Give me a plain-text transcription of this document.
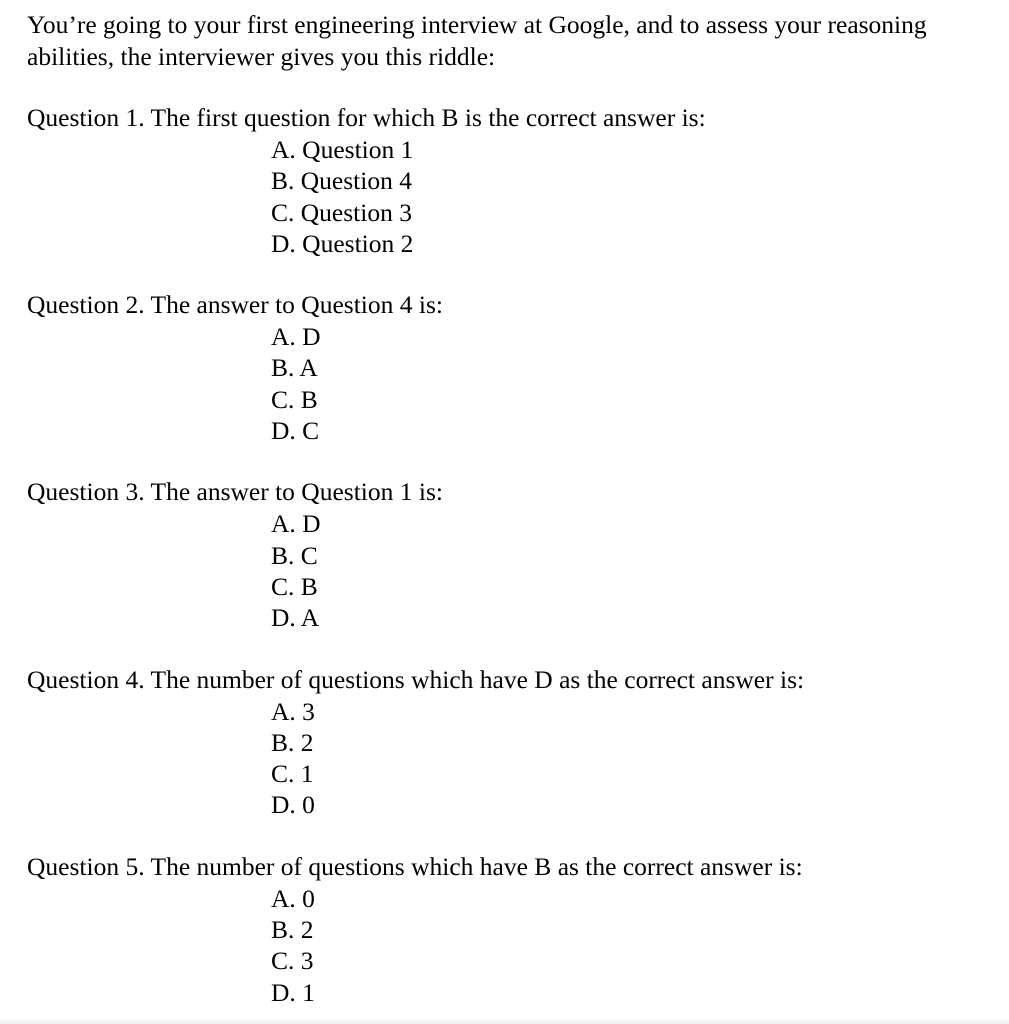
You’re going to your first engineering interview at Google, and to assess your reasoning abilities, the interviewer gives you this riddle:

Question 1. The first question for which B is the correct answer is:

A. Question 1
B. Question 4
C. Question 3
D. Question 2

Question 2. The answer to Question 4 is:

A. D
B. A
C. B
D. C

Question 3. The answer to Question 1 is:

A. D
B. C
C. B
D. A

Question 4. The number of questions which have D as the correct answer is:

A. 3
B. 2
C. 1
D. 0

Question 5. The number of questions which have B as the correct answer is:

A. 0
B. 2
C. 3
D. 1
